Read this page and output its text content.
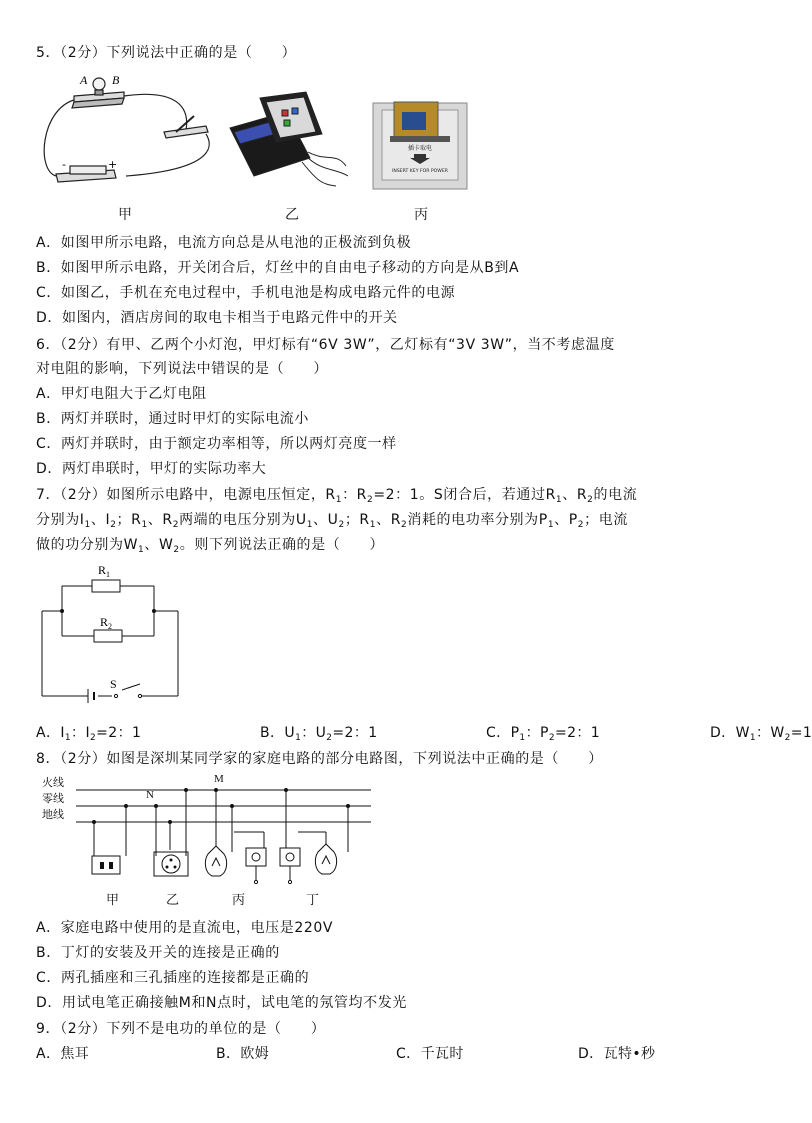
5．（2分）下列说法中正确的是（　　）
A B
-	+
插卡取电
INSERT KEY FOR POWER
甲	乙	丙
A．如图甲所示电路，电流方向总是从电池的正极流到负极
B．如图甲所示电路，开关闭合后，灯丝中的自由电子移动的方向是从B到A
C．如图乙，手机在充电过程中，手机电池是构成电路元件的电源
D．如图内，酒店房间的取电卡相当于电路元件中的开关
6．（2分）有甲、乙两个小灯泡，甲灯标有“6V 3W”，乙灯标有“3V 3W”，当不考虑温度
对电阻的影响，下列说法中错误的是（　　）
A．甲灯电阻大于乙灯电阻
B．两灯并联时，通过时甲灯的实际电流小
C．两灯并联时，由于额定功率相等，所以两灯亮度一样
D．两灯串联时，甲灯的实际功率大
7．（2分）如图所示电路中，电源电压恒定，$R_1$：$R_2=2$：1。S闭合后，若通过$R_1$、$R_2$的电流
分别为$I_1$、$I_2$；$R_1$、$R_2$两端的电压分别为$U_1$、$U_2$；$R_1$、$R_2$消耗的电功率分别为$P_1$、$P_2$；电流
做的功分别为$W_1$、$W_2$。则下列说法正确的是（　　）
$R_1$
$R_2$
S
A．$I_1$：$I_2=2$：1	B．$U_1$：$U_2=2$：1	C．$P_1$：$P_2=2$：1	D．$W_1$：$W_2=1$
8．（2分）如图是深圳某同学家的家庭电路的部分电路图，下列说法中正确的是（　　）
火线
零线
地线
M
N
甲	乙	丙	丁
A．家庭电路中使用的是直流电，电压是220V
B．丁灯的安装及开关的连接是正确的
C．两孔插座和三孔插座的连接都是正确的
D．用试电笔正确接触M和N点时，试电笔的氖管均不发光
9．（2分）下列不是电功的单位的是（　　）
A．焦耳	B．欧姆	C．千瓦时	D．瓦特•秒
